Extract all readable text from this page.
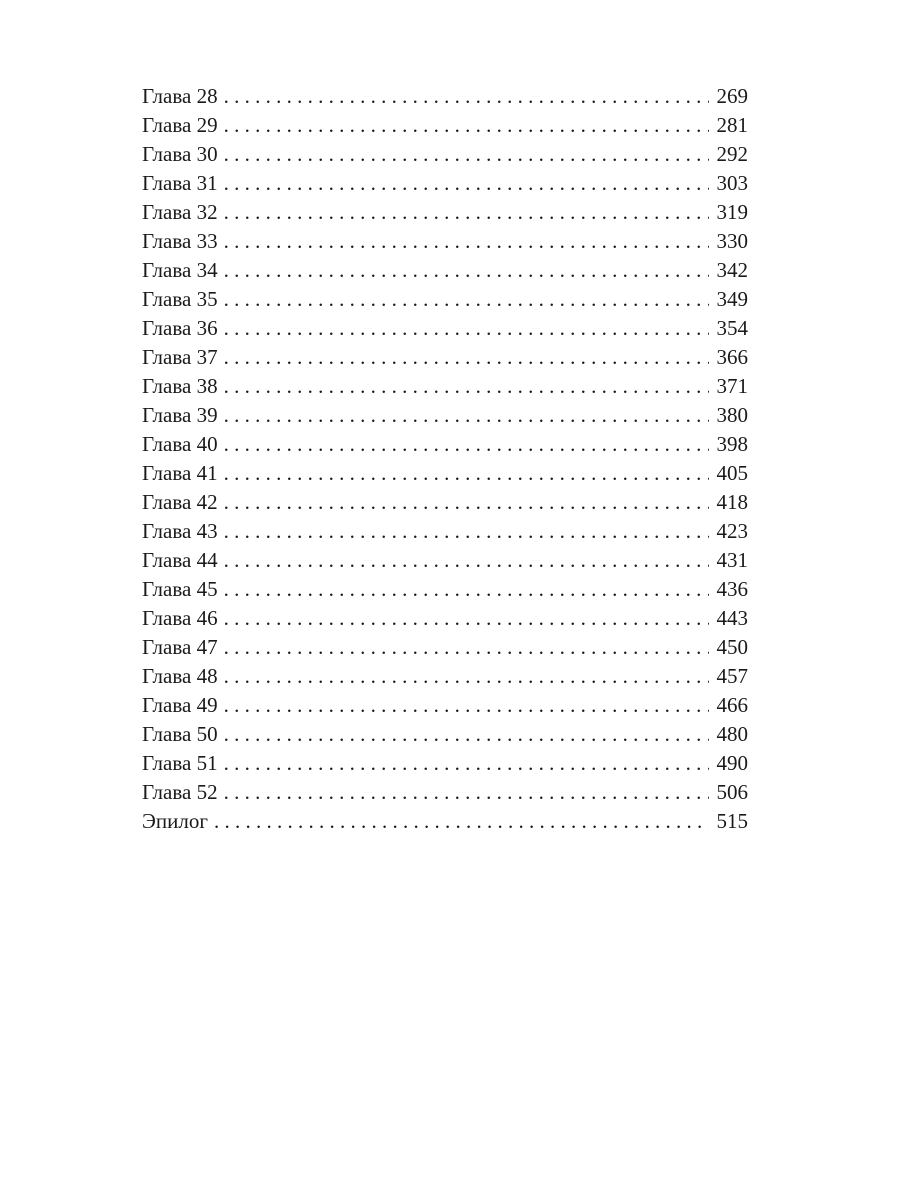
Глава 28 . . .	269
Глава 29 . . .	281
Глава 30 . . .	292
Глава 31 . . .	303
Глава 32 . . .	319
Глава 33 . . .	330
Глава 34 . . .	342
Глава 35 . . .	349
Глава 36 . . .	354
Глава 37 . . .	366
Глава 38 . . .	371
Глава 39 . . .	380
Глава 40 . . .	398
Глава 41 . . .	405
Глава 42 . . .	418
Глава 43 . . .	423
Глава 44 . . .	431
Глава 45 . . .	436
Глава 46 . . .	443
Глава 47 . . .	450
Глава 48 . . .	457
Глава 49 . . .	466
Глава 50 . . .	480
Глава 51 . . .	490
Глава 52 . . .	506
Эпилог . . .	515
